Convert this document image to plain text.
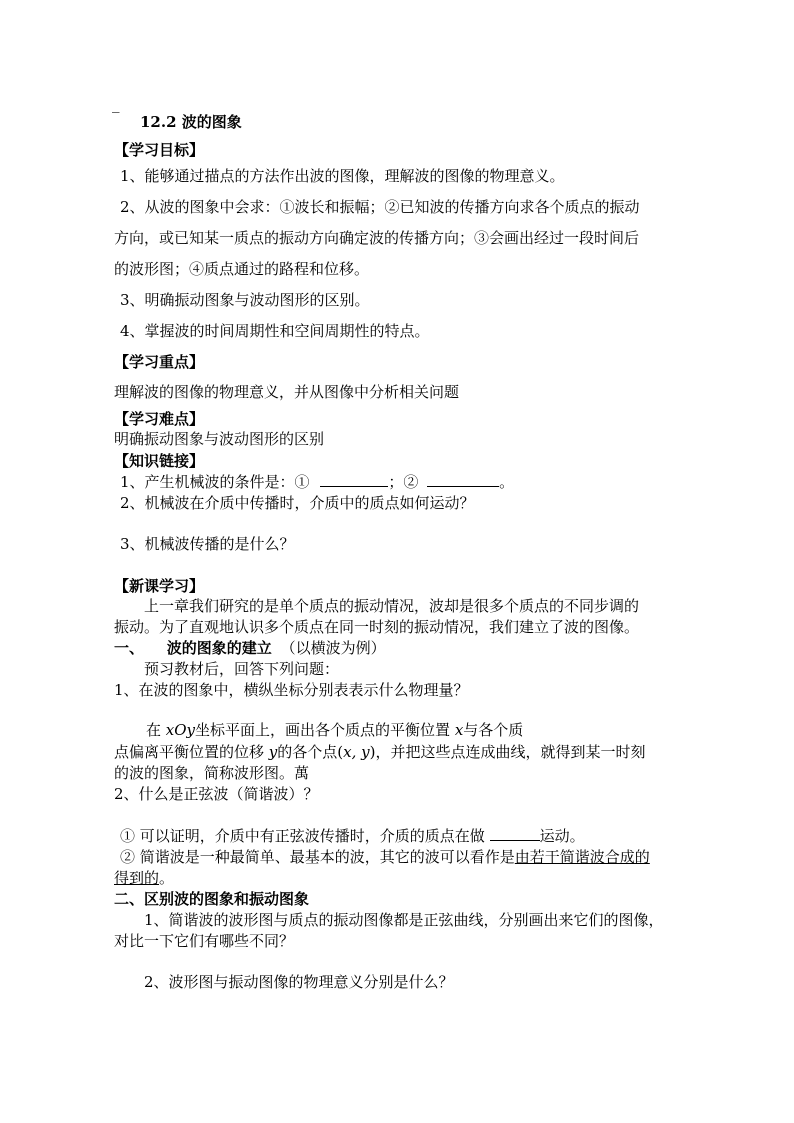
_
12.2 波的图象
【学习目标】
1、能够通过描点的方法作出波的图像，理解波的图像的物理意义。
2、从波的图象中会求：①波长和振幅；②已知波的传播方向求各个质点的振动
方向，或已知某一质点的振动方向确定波的传播方向；③会画出经过一段时间后
的波形图；④质点通过的路程和位移。
3、明确振动图象与波动图形的区别。
4、掌握波的时间周期性和空间周期性的特点。
【学习重点】
理解波的图像的物理意义，并从图像中分析相关问题
【学习难点】
明确振动图象与波动图形的区别
【知识链接】
1、产生机械波的条件是：①	；②	。
2、机械波在介质中传播时，介质中的质点如何运动？
3、机械波传播的是什么？
【新课学习】
上一章我们研究的是单个质点的振动情况，波却是很多个质点的不同步调的
振动。为了直观地认识多个质点在同一时刻的振动情况，我们建立了波的图像。
一、 波的图象的建立 （以横波为例）
预习教材后，回答下列问题：
1、在波的图象中，横纵坐标分别表表示什么物理量？
在 xOy坐标平面上，画出各个质点的平衡位置 x与各个质
点偏离平衡位置的位移 y的各个点(x, y)，并把这些点连成曲线，就得到某一时刻
的波的图象，简称波形图。萬
2、什么是正弦波（简谐波）？
① 可以证明，介质中有正弦波传播时，介质的质点在做	运动。
② 简谐波是一种最简单、最基本的波，其它的波可以看作是由若干简谐波合成的
得到的。
二、区别波的图象和振动图象
1、简谐波的波形图与质点的振动图像都是正弦曲线，分别画出来它们的图像，
对比一下它们有哪些不同？
2、波形图与振动图像的物理意义分别是什么？
